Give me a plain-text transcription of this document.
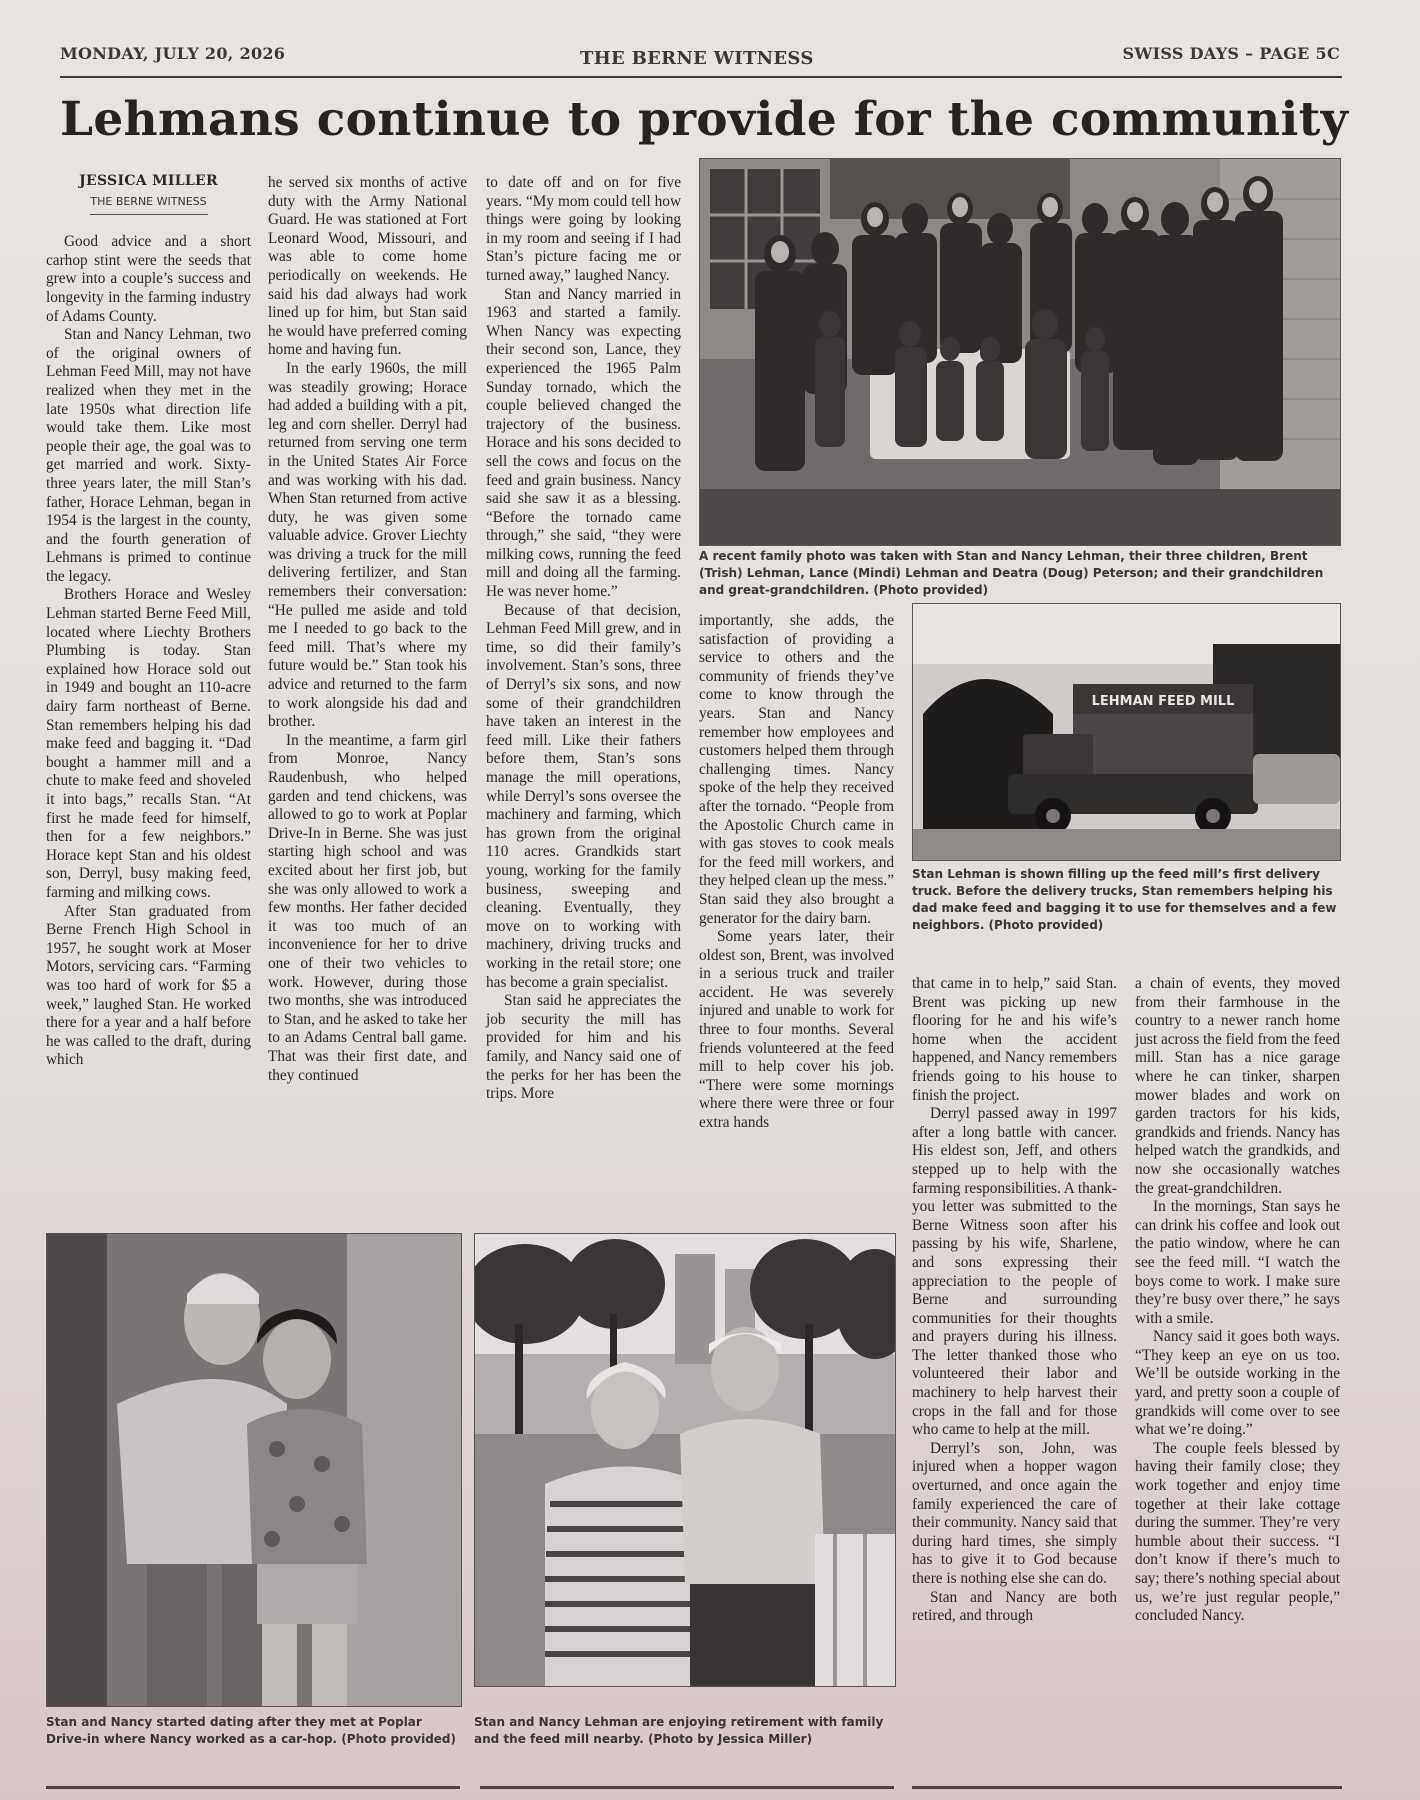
MONDAY, JULY 20, 2026	THE BERNE WITNESS	SWISS DAYS – PAGE 5C
Lehmans continue to provide for the community
JESSICA MILLER
THE BERNE WITNESS

Good advice and a short carhop stint were the seeds that grew into a couple’s success and longevity in the farming industry of Adams County.

Stan and Nancy Lehman, two of the original owners of Lehman Feed Mill, may not have realized when they met in the late 1950s what direction life would take them. Like most people their age, the goal was to get married and work. Sixty-three years later, the mill Stan’s father, Horace Lehman, began in 1954 is the largest in the county, and the fourth generation of Lehmans is primed to continue the legacy.

Brothers Horace and Wesley Lehman started Berne Feed Mill, located where Liechty Brothers Plumbing is today. Stan explained how Horace sold out in 1949 and bought an 110-acre dairy farm northeast of Berne. Stan remembers helping his dad make feed and bagging it. “Dad bought a hammer mill and a chute to make feed and shoveled it into bags,” recalls Stan. “At first he made feed for himself, then for a few neighbors.” Horace kept Stan and his oldest son, Derryl, busy making feed, farming and milking cows.

After Stan graduated from Berne French High School in 1957, he sought work at Moser Motors, servicing cars. “Farming was too hard of work for $5 a week,” laughed Stan. He worked there for a year and a half before he was called to the draft, during which

he served six months of active duty with the Army National Guard. He was stationed at Fort Leonard Wood, Missouri, and was able to come home periodically on weekends. He said his dad always had work lined up for him, but Stan said he would have preferred coming home and having fun.

In the early 1960s, the mill was steadily growing; Horace had added a building with a pit, leg and corn sheller. Derryl had returned from serving one term in the United States Air Force and was working with his dad. When Stan returned from active duty, he was given some valuable advice. Grover Liechty was driving a truck for the mill delivering fertilizer, and Stan remembers their conversation: “He pulled me aside and told me I needed to go back to the feed mill. That’s where my future would be.” Stan took his advice and returned to the farm to work alongside his dad and brother.

In the meantime, a farm girl from Monroe, Nancy Raudenbush, who helped garden and tend chickens, was allowed to go to work at Poplar Drive-In in Berne. She was just starting high school and was excited about her first job, but she was only allowed to work a few months. Her father decided it was too much of an inconvenience for her to drive one of their two vehicles to work. However, during those two months, she was introduced to Stan, and he asked to take her to an Adams Central ball game. That was their first date, and they continued

to date off and on for five years. “My mom could tell how things were going by looking in my room and seeing if I had Stan’s picture facing me or turned away,” laughed Nancy.

Stan and Nancy married in 1963 and started a family. When Nancy was expecting their second son, Lance, they experienced the 1965 Palm Sunday tornado, which the couple believed changed the trajectory of the business. Horace and his sons decided to sell the cows and focus on the feed and grain business. Nancy said she saw it as a blessing. “Before the tornado came through,” she said, “they were milking cows, running the feed mill and doing all the farming. He was never home.”

Because of that decision, Lehman Feed Mill grew, and in time, so did their family’s involvement. Stan’s sons, three of Derryl’s six sons, and now some of their grandchildren have taken an interest in the feed mill. Like their fathers before them, Stan’s sons manage the mill operations, while Derryl’s sons oversee the machinery and farming, which has grown from the original 110 acres. Grandkids start young, working for the family business, sweeping and cleaning. Eventually, they move on to working with machinery, driving trucks and working in the retail store; one has become a grain specialist.

Stan said he appreciates the job security the mill has provided for him and his family, and Nancy said one of the perks for her has been the trips. More

A recent family photo was taken with Stan and Nancy Lehman, their three children, Brent (Trish) Lehman, Lance (Mindi) Lehman and Deatra (Doug) Peterson; and their grandchildren and great-grandchildren. (Photo provided)

importantly, she adds, the satisfaction of providing a service to others and the community of friends they’ve come to know through the years. Stan and Nancy remember how employees and customers helped them through challenging times. Nancy spoke of the help they received after the tornado. “People from the Apostolic Church came in with gas stoves to cook meals for the feed mill workers, and they helped clean up the mess.” Stan said they also brought a generator for the dairy barn.

Some years later, their oldest son, Brent, was involved in a serious truck and trailer accident. He was severely injured and unable to work for three to four months. Several friends volunteered at the feed mill to help cover his job. “There were some mornings where there were three or four extra hands

LEHMAN FEED MILL
Stan Lehman is shown filling up the feed mill’s first delivery truck. Before the delivery trucks, Stan remembers helping his dad make feed and bagging it to use for themselves and a few neighbors. (Photo provided)

that came in to help,” said Stan. Brent was picking up new flooring for he and his wife’s home when the accident happened, and Nancy remembers friends going to his house to finish the project.

Derryl passed away in 1997 after a long battle with cancer. His eldest son, Jeff, and others stepped up to help with the farming responsibilities. A thank-you letter was submitted to the Berne Witness soon after his passing by his wife, Sharlene, and sons expressing their appreciation to the people of Berne and surrounding communities for their thoughts and prayers during his illness. The letter thanked those who volunteered their labor and machinery to help harvest their crops in the fall and for those who came to help at the mill.

Derryl’s son, John, was injured when a hopper wagon overturned, and once again the family experienced the care of their community. Nancy said that during hard times, she simply has to give it to God because there is nothing else she can do.

Stan and Nancy are both retired, and through

a chain of events, they moved from their farmhouse in the country to a newer ranch home just across the field from the feed mill. Stan has a nice garage where he can tinker, sharpen mower blades and work on garden tractors for his kids, grandkids and friends. Nancy has helped watch the grandkids, and now she occasionally watches the great-grandchildren.

In the mornings, Stan says he can drink his coffee and look out the patio window, where he can see the feed mill. “I watch the boys come to work. I make sure they’re busy over there,” he says with a smile.

Nancy said it goes both ways. “They keep an eye on us too. We’ll be outside working in the yard, and pretty soon a couple of grandkids will come over to see what we’re doing.”

The couple feels blessed by having their family close; they work together and enjoy time together at their lake cottage during the summer. They’re very humble about their success. “I don’t know if there’s much to say; there’s nothing special about us, we’re just regular people,” concluded Nancy.

Stan and Nancy started dating after they met at Poplar Drive-in where Nancy worked as a car-hop. (Photo provided)
Stan and Nancy Lehman are enjoying retirement with family and the feed mill nearby. (Photo by Jessica Miller)
